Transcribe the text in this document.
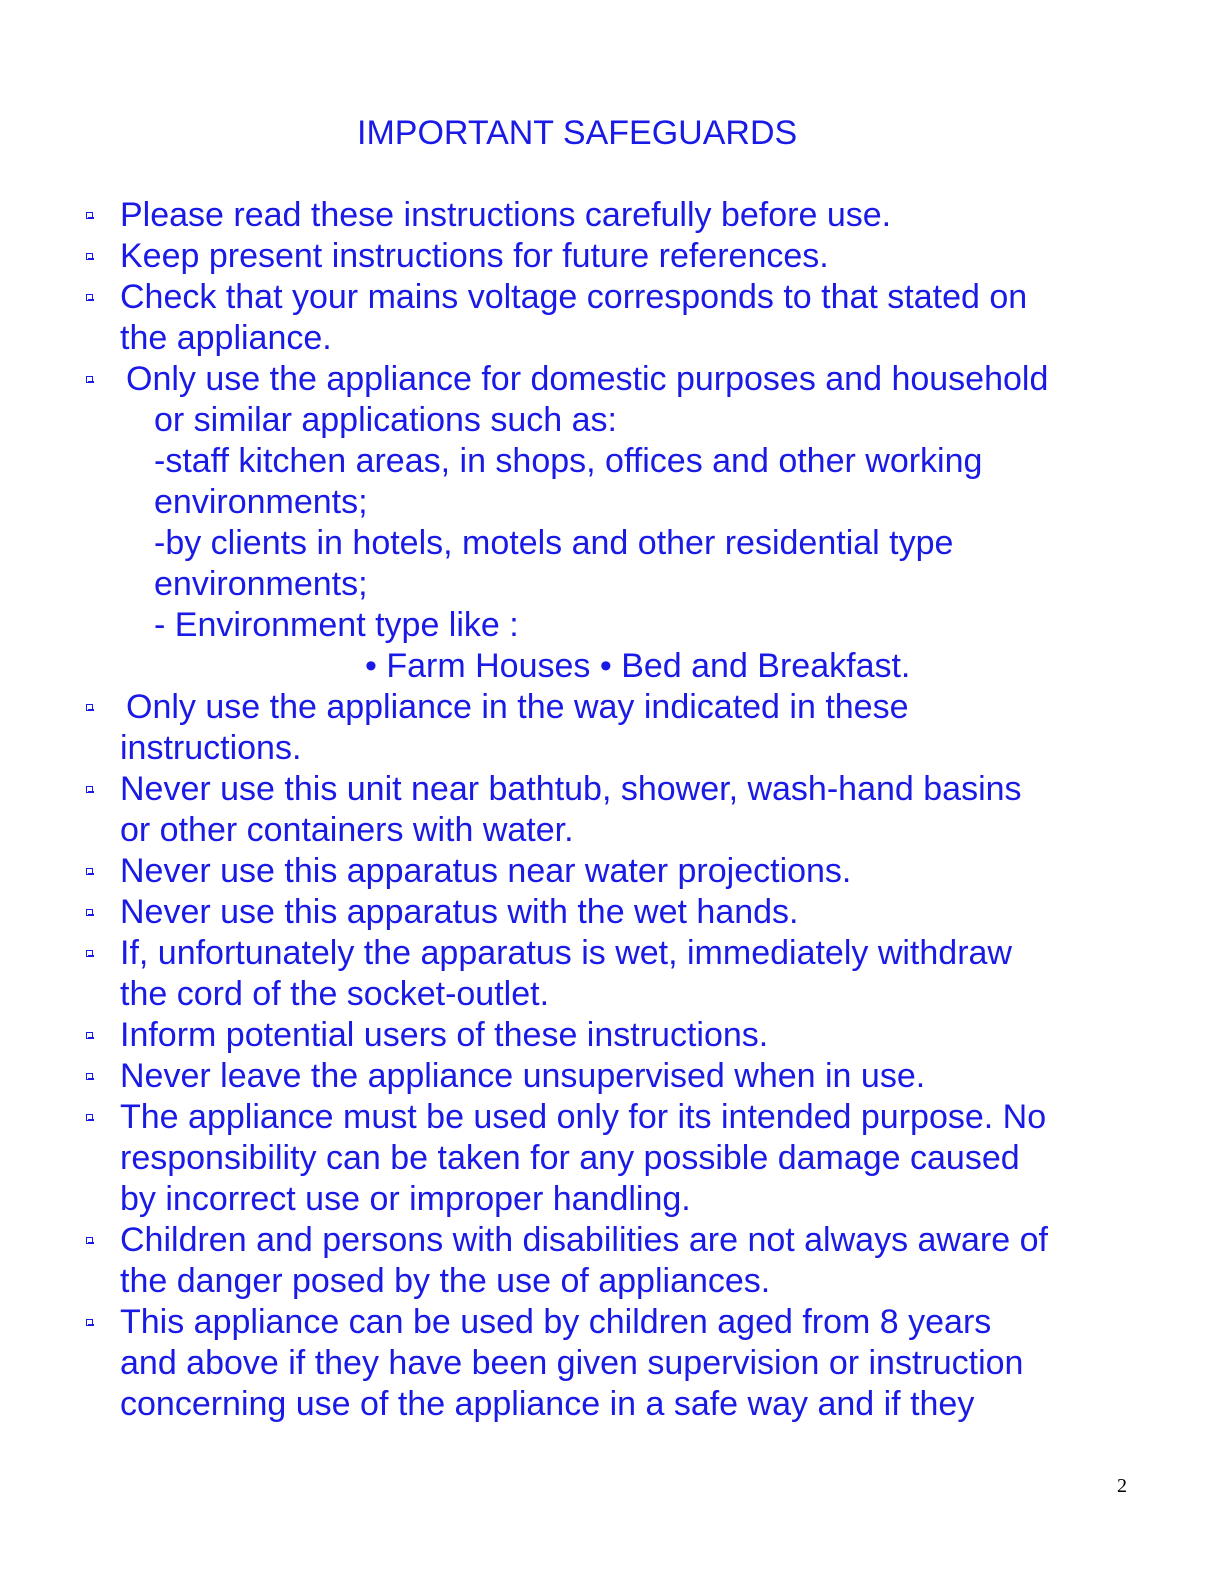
IMPORTANT SAFEGUARDS
Please read these instructions carefully before use.
Keep present instructions for future references.
Check that your mains voltage corresponds to that stated on
the appliance.
Only use the appliance for domestic purposes and household
or similar applications such as:
-staff kitchen areas, in shops, offices and other working
environments;
-by clients in hotels, motels and other residential type
environments;
- Environment type like :
• Farm Houses • Bed and Breakfast.
Only use the appliance in the way indicated in these
instructions.
Never use this unit near bathtub, shower, wash-hand basins
or other containers with water.
Never use this apparatus near water projections.
Never use this apparatus with the wet hands.
If, unfortunately the apparatus is wet, immediately withdraw
the cord of the socket-outlet.
Inform potential users of these instructions.
Never leave the appliance unsupervised when in use.
The appliance must be used only for its intended purpose. No
responsibility can be taken for any possible damage caused
by incorrect use or improper handling.
Children and persons with disabilities are not always aware of
the danger posed by the use of appliances.
This appliance can be used by children aged from 8 years
and above if they have been given supervision or instruction
concerning use of the appliance in a safe way and if they
2
